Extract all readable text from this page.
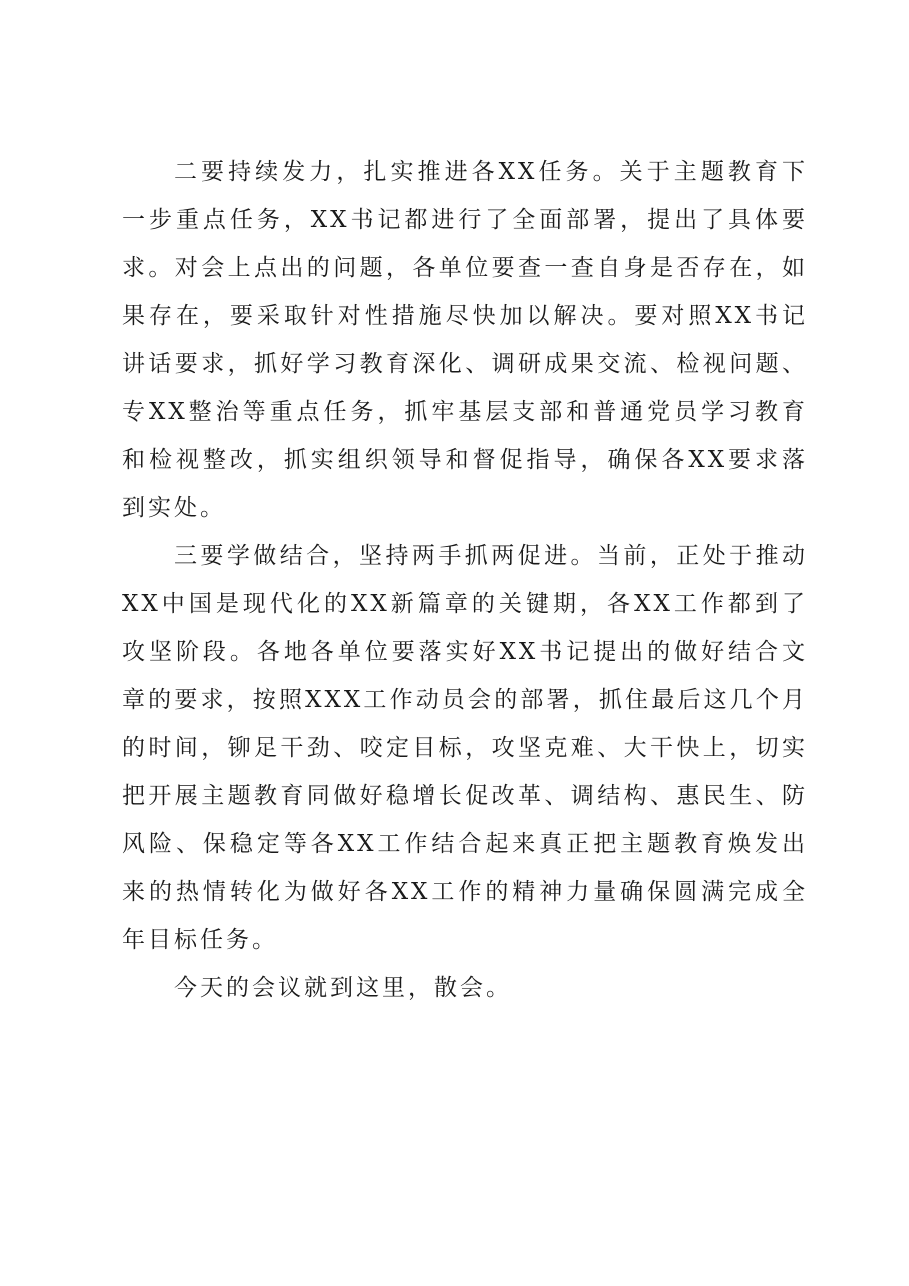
二要持续发力，扎实推进各XX任务。关于主题教育下一步重点任务，XX书记都进行了全面部署，提出了具体要求。对会上点出的问题，各单位要查一查自身是否存在，如果存在，要采取针对性措施尽快加以解决。要对照XX书记讲话要求，抓好学习教育深化、调研成果交流、检视问题、专XX整治等重点任务，抓牢基层支部和普通党员学习教育和检视整改，抓实组织领导和督促指导，确保各XX要求落到实处。

三要学做结合，坚持两手抓两促进。当前，正处于推动XX中国是现代化的XX新篇章的关键期，各XX工作都到了攻坚阶段。各地各单位要落实好XX书记提出的做好结合文章的要求，按照XXX工作动员会的部署，抓住最后这几个月的时间，铆足干劲、咬定目标，攻坚克难、大干快上，切实把开展主题教育同做好稳增长促改革、调结构、惠民生、防风险、保稳定等各XX工作结合起来真正把主题教育焕发出来的热情转化为做好各XX工作的精神力量确保圆满完成全年目标任务。

今天的会议就到这里，散会。
